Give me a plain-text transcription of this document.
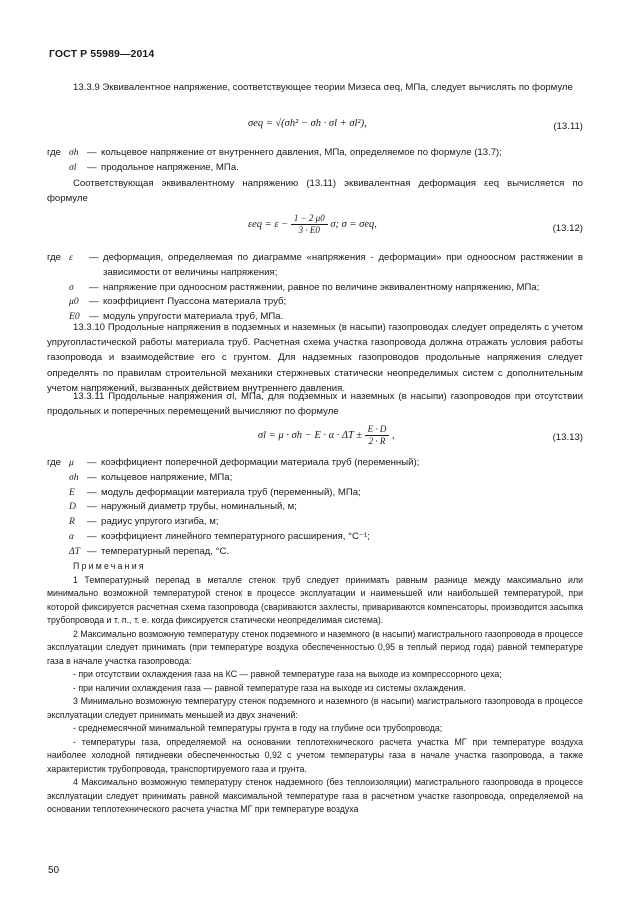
ГОСТ Р 55989—2014
13.3.9 Эквивалентное напряжение, соответствующее теории Мизеса σeq, МПа, следует вычислять по формуле
σeq = √(σh² − σh · σl + σl²),	(13.11)
где σh — кольцевое напряжение от внутреннего давления, МПа, определяемое по формуле (13.7);
σl	— продольное напряжение, МПа.
Соответствующая эквивалентному напряжению (13.11) эквивалентная деформация εeq вычисляется по формуле
$\varepsilon eq = \varepsilon - \frac{1 - 2 \mu 0}{3 \cdot E0} \sigma$; σ = σeq,	(13.12)
где ε	— деформация, определяемая по диаграмме «напряжения - деформации» при одноосном растяжении в зависимости от величины напряжения;
σ	— напряжение при одноосном растяжении, равное по величине эквивалентному напряжению, МПа;
μ0	— коэффициент Пуассона материала труб;
E0 — модуль упругости материала труб, МПа.
13.3.10 Продольные напряжения в подземных и наземных (в насыпи) газопроводах следует определять с учетом упругопластической работы материала труб. Расчетная схема участка газопровода должна отражать условия работы газопровода и взаимодействие его с грунтом. Для надземных газопроводов продольные напряжения следует определять по правилам строительной механики стержневых статически неопределимых систем с дополнительным учетом напряжений, вызванных действием внутреннего давления.
13.3.11 Продольные напряжения σl, МПа, для подземных и наземных (в насыпи) газопроводов при отсутствии продольных и поперечных перемещений вычисляют по формуле
$\sigma l = \mu \cdot \sigma h - E \cdot \alpha \cdot \Delta T \pm \frac{E \cdot D}{2 \cdot R}$ ,	(13.13)
где μ	— коэффициент поперечной деформации материала труб (переменный);
σh — кольцевое напряжение, МПа;
E	— модуль деформации материала труб (переменный), МПа;
D	— наружный диаметр трубы, номинальный, м;
R	— радиус упругого изгиба, м;
α	— коэффициент линейного температурного расширения, °С⁻¹;
ΔT — температурный перепад, °С.

Примечания

1 Температурный перепад в металле стенок труб следует принимать равным разнице между максимально или минимально возможной температурой стенок в процессе эксплуатации и наименьшей или наибольшей температурой, при которой фиксируется расчетная схема газопровода (свариваются захлесты, привариваются компенсаторы, производится засыпка трубопровода и т. п., т. е. когда фиксируется статически неопределимая система).

2 Максимально возможную температуру стенок подземного и наземного (в насыпи) магистрального газопровода в процессе эксплуатации следует принимать (при температуре воздуха обеспеченностью 0,95 в теплый период года) равной температуре газа в начале участка газопровода:

- при отсутствии охлаждения газа на КС — равной температуре газа на выходе из компрессорного цеха;

- при наличии охлаждения газа — равной температуре газа на выходе из системы охлаждения.

3 Минимально возможную температуру стенок подземного и наземного (в насыпи) магистрального газопровода в процессе эксплуатации следует принимать меньшей из двух значений:

- среднемесячной минимальной температуры грунта в году на глубине оси трубопровода;

- температуры газа, определяемой на основании теплотехнического расчета участка МГ при температуре воздуха наиболее холодной пятидневки обеспеченностью 0,92 с учетом температуры газа в начале участка газопровода, а также характеристик трубопровода, транспортируемого газа и грунта.

4 Максимально возможную температуру стенок надземного (без теплоизоляции) магистрального газопровода в процессе эксплуатации следует принимать равной максимальной температуре газа в расчетном участке газопровода, определяемой на основании теплотехнического расчета участка МГ при температуре воздуха

50
